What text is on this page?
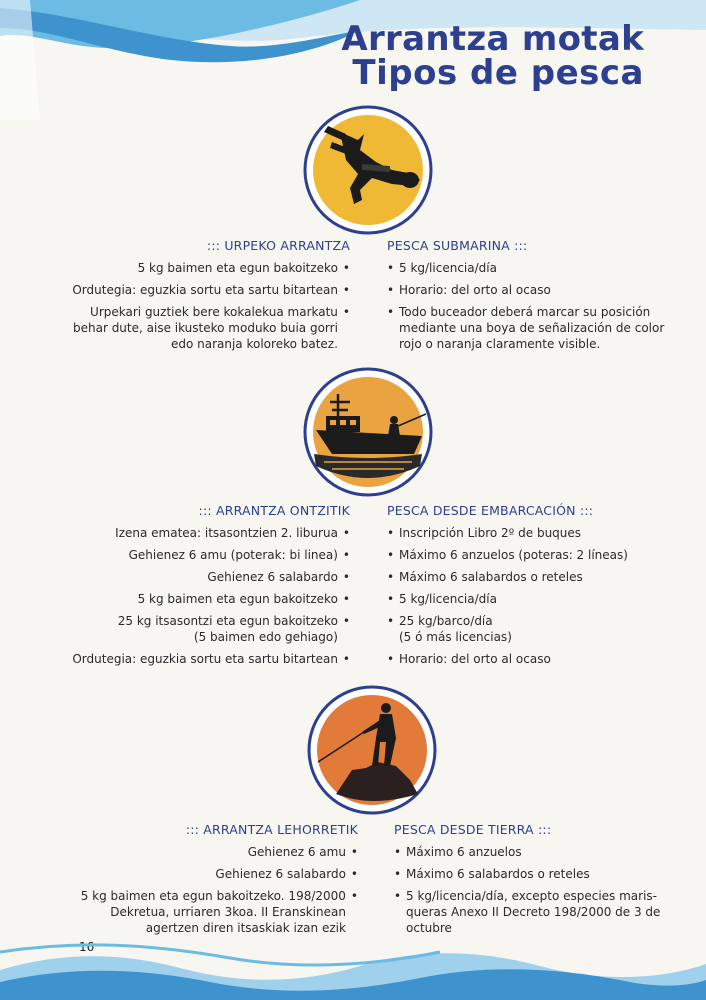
Arrantza motak
Tipos de pesca
::: URPEKO ARRANTZA
5 kg baimen eta egun bakoitzeko •
Ordutegia: eguzkia sortu eta sartu bitartean •
Urpekari guztiek bere kokalekua markatu
behar dute, aise ikusteko moduko buia gorri
edo naranja koloreko batez.
•
PESCA SUBMARINA :::
• 5 kg/licencia/día
• Horario: del orto al ocaso
• Todo buceador deberá marcar su posición
mediante una boya de señalización de color
rojo o naranja claramente visible.
::: ARRANTZA ONTZITIK
Izena ematea: itsasontzien 2. liburua •
Gehienez 6 amu (poterak: bi linea) •
Gehienez 6 salabardo •
5 kg baimen eta egun bakoitzeko •
25 kg itsasontzi eta egun bakoitzeko
(5 baimen edo gehiago)
•
Ordutegia: eguzkia sortu eta sartu bitartean •
PESCA DESDE EMBARCACIÓN :::
• Inscripción Libro 2º de buques
• Máximo 6 anzuelos (poteras: 2 líneas)
• Máximo 6 salabardos o reteles
• 5 kg/licencia/día
• 25 kg/barco/día
(5 ó más licencias)
• Horario: del orto al ocaso
::: ARRANTZA LEHORRETIK
Gehienez 6 amu •
Gehienez 6 salabardo •
5 kg baimen eta egun bakoitzeko. 198/2000
Dekretua, urriaren 3koa. II Eranskinean
agertzen diren itsaskiak izan ezik
•
PESCA DESDE TIERRA :::
• Máximo 6 anzuelos
• Máximo 6 salabardos o reteles
• 5 kg/licencia/día, excepto especies maris-
queras Anexo II Decreto 198/2000 de 3 de
octubre
16
